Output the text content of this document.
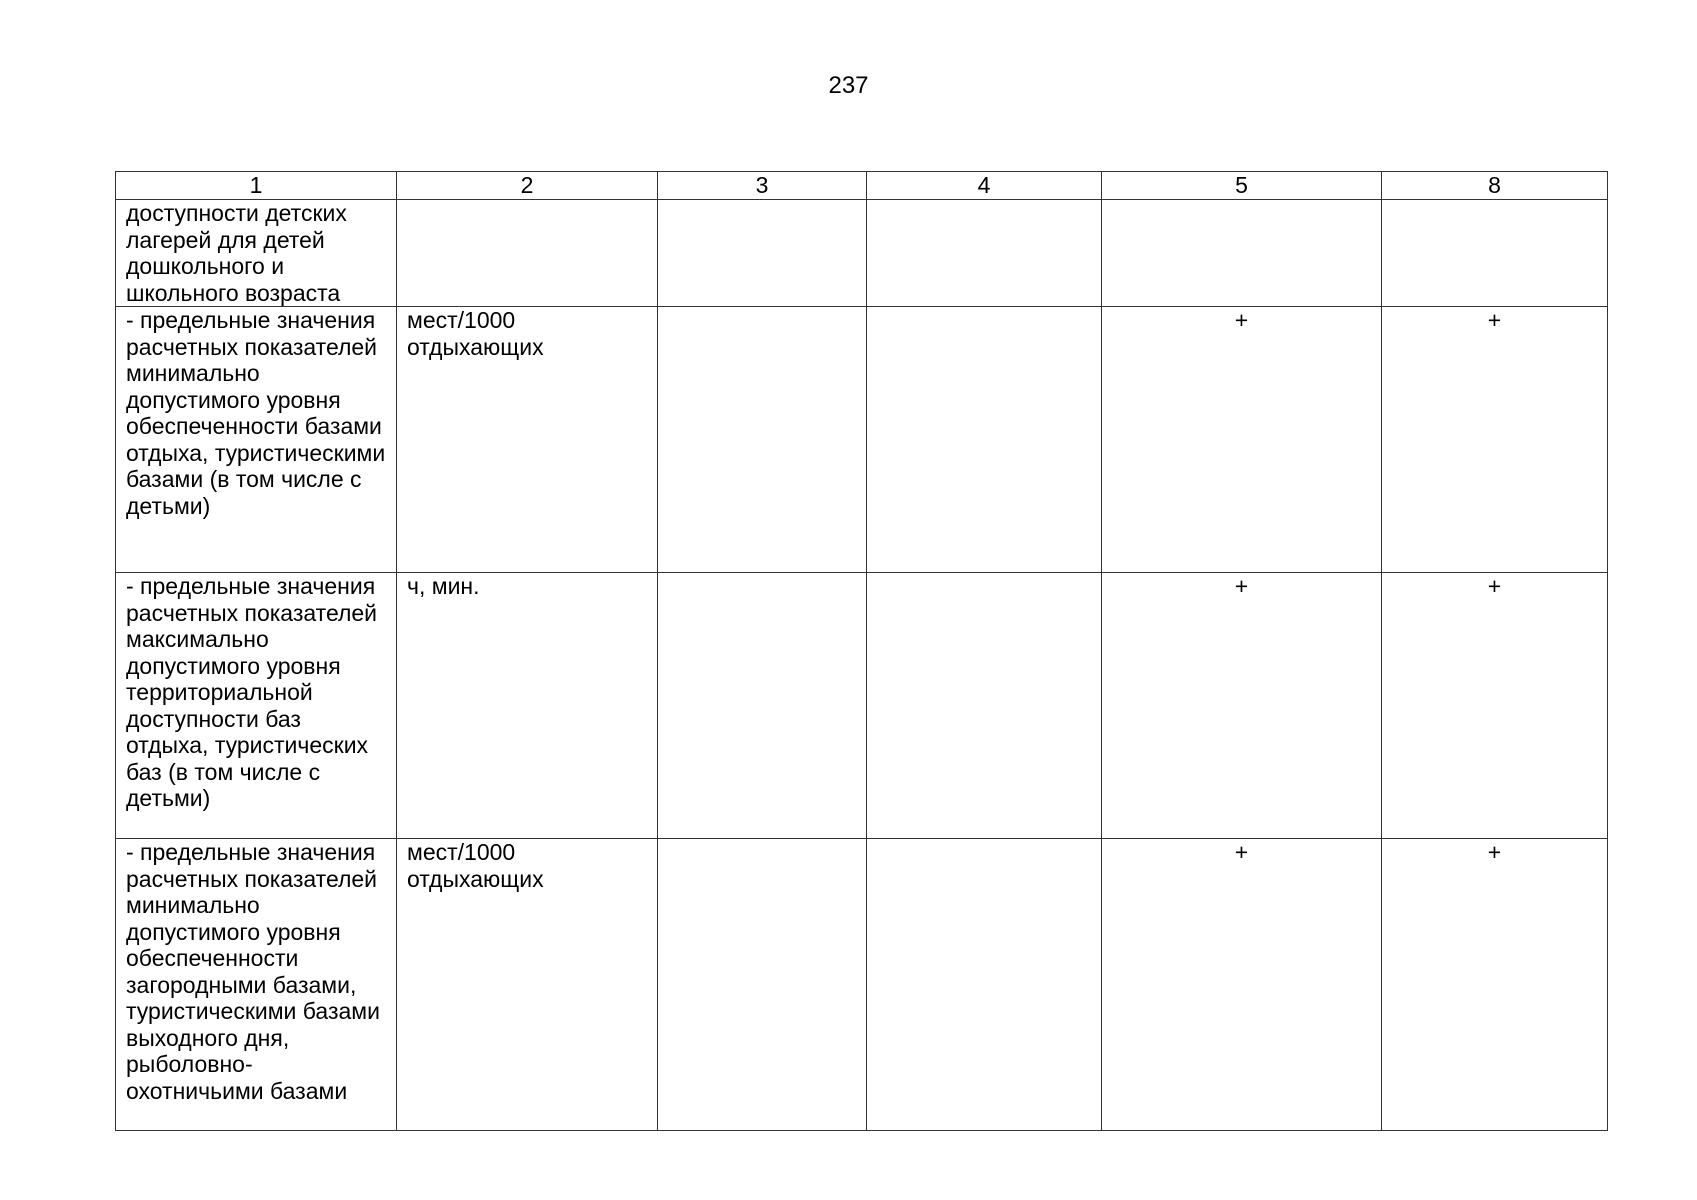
237
1	2	3	4	5	8
доступности детских лагерей для детей дошкольного и школьного возраста					
- предельные значения расчетных показателей минимально допустимого уровня обеспеченности базами отдыха, туристическими базами (в том числе с детьми)	мест/1000 отдыхающих			+	+
- предельные значения расчетных показателей максимально допустимого уровня территориальной доступности баз отдыха, туристических баз (в том числе с детьми)	ч, мин.			+	+
- предельные значения расчетных показателей минимально допустимого уровня обеспеченности загородными базами, туристическими базами выходного дня, рыболовно-охотничьими базами	мест/1000 отдыхающих			+	+
